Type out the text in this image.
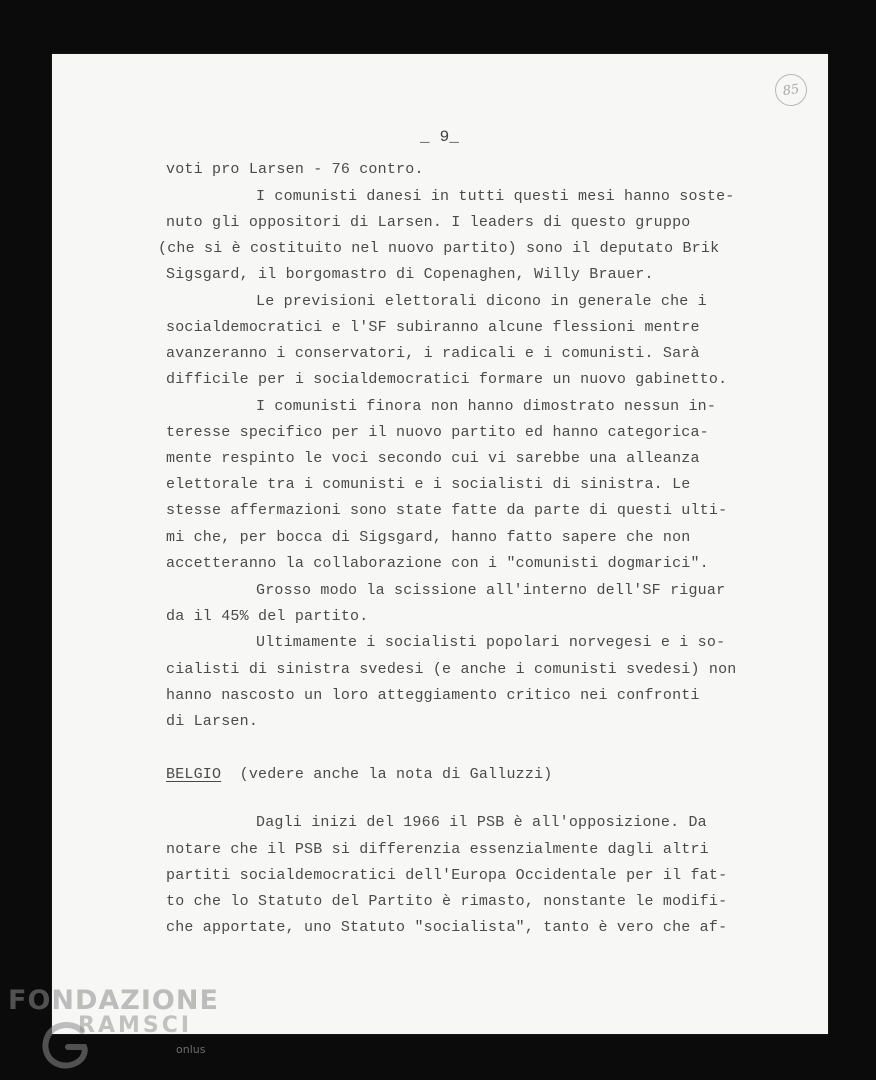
85
_ 9_
voti pro Larsen - 76 contro.
I comunisti danesi in tutti questi mesi hanno soste-
nuto gli oppositori di Larsen. I leaders di questo gruppo
(che si è costituito nel nuovo partito) sono il deputato Brik
Sigsgard, il borgomastro di Copenaghen, Willy Brauer.
Le previsioni elettorali dicono in generale che i
socialdemocratici e l'SF subiranno alcune flessioni mentre
avanzeranno i conservatori, i radicali e i comunisti. Sarà
difficile per i socialdemocratici formare un nuovo gabinetto.
I comunisti finora non hanno dimostrato nessun in-
teresse specifico per il nuovo partito ed hanno categorica-
mente respinto le voci secondo cui vi sarebbe una alleanza
elettorale tra i comunisti e i socialisti di sinistra. Le
stesse affermazioni sono state fatte da parte di questi ulti-
mi che, per bocca di Sigsgard, hanno fatto sapere che non
accetteranno la collaborazione con i "comunisti dogmarici".
Grosso modo la scissione all'interno dell'SF riguar
da il 45% del partito.
Ultimamente i socialisti popolari norvegesi e i so-
cialisti di sinistra svedesi (e anche i comunisti svedesi) non
hanno nascosto un loro atteggiamento critico nei confronti
di Larsen.
BELGIO  (vedere anche la nota di Galluzzi)
Dagli inizi del 1966 il PSB è all'opposizione. Da
notare che il PSB si differenzia essenzialmente dagli altri
partiti socialdemocratici dell'Europa Occidentale per il fat-
to che lo Statuto del Partito è rimasto, nonstante le modifi-
che apportate, uno Statuto "socialista", tanto è vero che af-
FONDAZIONE
RAMSCI
onlus
